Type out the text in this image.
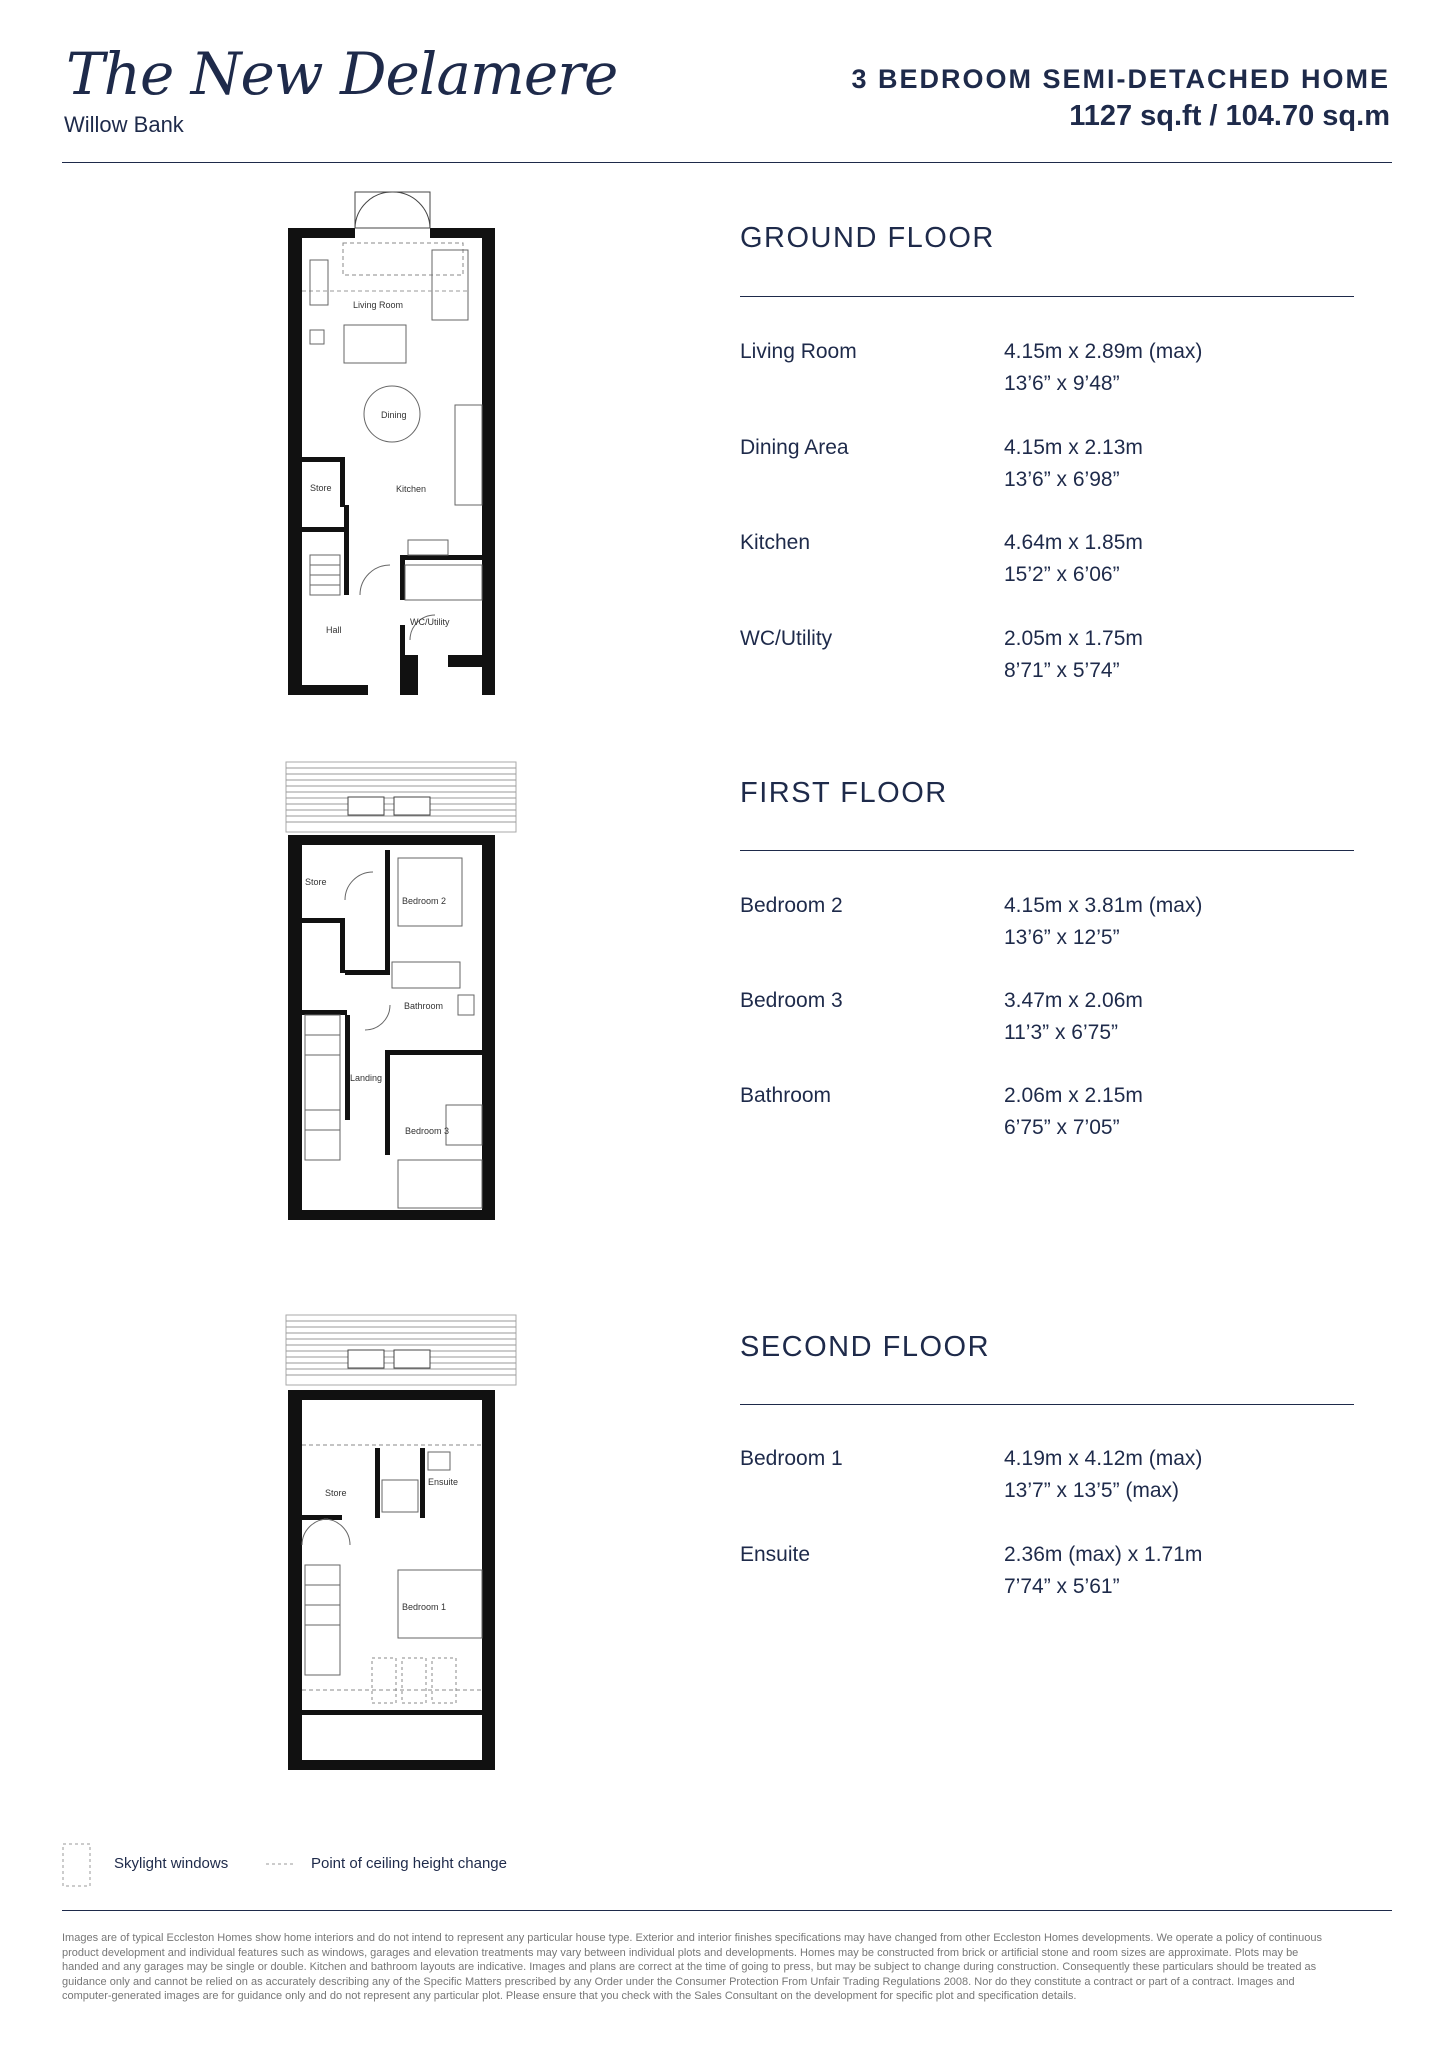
The New Delamere
Willow Bank
3 BEDROOM SEMI-DETACHED HOME
1127 sq.ft / 104.70 sq.m
Living Room
Dining
Store	Kitchen
Hall
WC/Utility
Store
Bedroom 2
Bathroom
Landing
Bedroom 3
Store
Ensuite
Bedroom 1
GROUND FLOOR
Living Room	4.15m x 2.89m (max)
13’6” x 9’48”
Dining Area	4.15m x 2.13m
13’6” x 6’98”
Kitchen	4.64m x 1.85m
15’2” x 6’06”
WC/Utility	2.05m x 1.75m
8’71” x 5’74”
FIRST FLOOR
Bedroom 2	4.15m x 3.81m (max)
13’6” x 12’5”
Bedroom 3	3.47m x 2.06m
11’3” x 6’75”
Bathroom	2.06m x 2.15m
6’75” x 7’05”
SECOND FLOOR
Bedroom 1	4.19m x 4.12m (max)
13’7” x 13’5” (max)
Ensuite	2.36m (max) x 1.71m
7’74” x 5’61”
Skylight windows	Point of ceiling height change
Images are of typical Eccleston Homes show home interiors and do not intend to represent any particular house type. Exterior and interior finishes specifications may have changed from other Eccleston Homes developments. We operate a policy of continuous product development and individual features such as windows, garages and elevation treatments may vary between individual plots and developments. Homes may be constructed from brick or artificial stone and room sizes are approximate. Plots may be handed and any garages may be single or double. Kitchen and bathroom layouts are indicative. Images and plans are correct at the time of going to press, but may be subject to change during construction. Consequently these particulars should be treated as guidance only and cannot be relied on as accurately describing any of the Specific Matters prescribed by any Order under the Consumer Protection From Unfair Trading Regulations 2008. Nor do they constitute a contract or part of a contract. Images and computer-generated images are for guidance only and do not represent any particular plot. Please ensure that you check with the Sales Consultant on the development for specific plot and specification details.
